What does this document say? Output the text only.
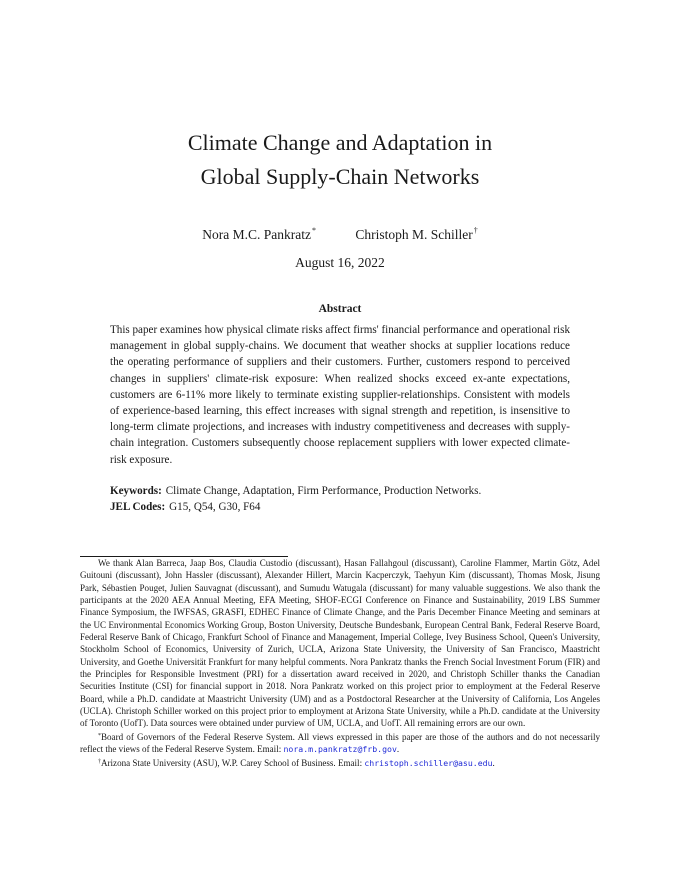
Climate Change and Adaptation in
Global Supply-Chain Networks
Nora M.C. Pankratz*	Christoph M. Schiller†
August 16, 2022
Abstract
This paper examines how physical climate risks affect firms' financial performance and operational risk management in global supply-chains. We document that weather shocks at supplier locations reduce the operating performance of suppliers and their customers. Further, customers respond to perceived changes in suppliers' climate-risk exposure: When realized shocks exceed ex-ante expectations, customers are 6-11% more likely to terminate existing supplier-relationships. Consistent with models of experience-based learning, this effect increases with signal strength and repetition, is insensitive to long-term climate projections, and increases with industry competitiveness and decreases with supply-chain integration. Customers subsequently choose replacement suppliers with lower expected climate-risk exposure.
Keywords: Climate Change, Adaptation, Firm Performance, Production Networks.
JEL Codes: G15, Q54, G30, F64

We thank Alan Barreca, Jaap Bos, Claudia Custodio (discussant), Hasan Fallahgoul (discussant), Caroline Flammer, Martin Götz, Adel Guitouni (discussant), John Hassler (discussant), Alexander Hillert, Marcin Kacperczyk, Taehyun Kim (discussant), Thomas Mosk, Jisung Park, Sébastien Pouget, Julien Sauvagnat (discussant), and Sumudu Watugala (discussant) for many valuable suggestions. We also thank the participants at the 2020 AEA Annual Meeting, EFA Meeting, SHOF-ECGI Conference on Finance and Sustainability, 2019 LBS Summer Finance Symposium, the IWFSAS, GRASFI, EDHEC Finance of Climate Change, and the Paris December Finance Meeting and seminars at the UC Environmental Economics Working Group, Boston University, Deutsche Bundesbank, European Central Bank, Federal Reserve Board, Federal Reserve Bank of Chicago, Frankfurt School of Finance and Management, Imperial College, Ivey Business School, Queen's University, Stockholm School of Economics, University of Zurich, UCLA, Arizona State University, the University of San Francisco, Maastricht University, and Goethe Universität Frankfurt for many helpful comments. Nora Pankratz thanks the French Social Investment Forum (FIR) and the Principles for Responsible Investment (PRI) for a dissertation award received in 2020, and Christoph Schiller thanks the Canadian Securities Institute (CSI) for financial support in 2018. Nora Pankratz worked on this project prior to employment at the Federal Reserve Board, while a Ph.D. candidate at Maastricht University (UM) and as a Postdoctoral Researcher at the University of California, Los Angeles (UCLA). Christoph Schiller worked on this project prior to employment at Arizona State University, while a Ph.D. candidate at the University of Toronto (UofT). Data sources were obtained under purview of UM, UCLA, and UofT. All remaining errors are our own.

*Board of Governors of the Federal Reserve System. All views expressed in this paper are those of the authors and do not necessarily reflect the views of the Federal Reserve System. Email: nora.m.pankratz@frb.gov.

†Arizona State University (ASU), W.P. Carey School of Business. Email: christoph.schiller@asu.edu.
